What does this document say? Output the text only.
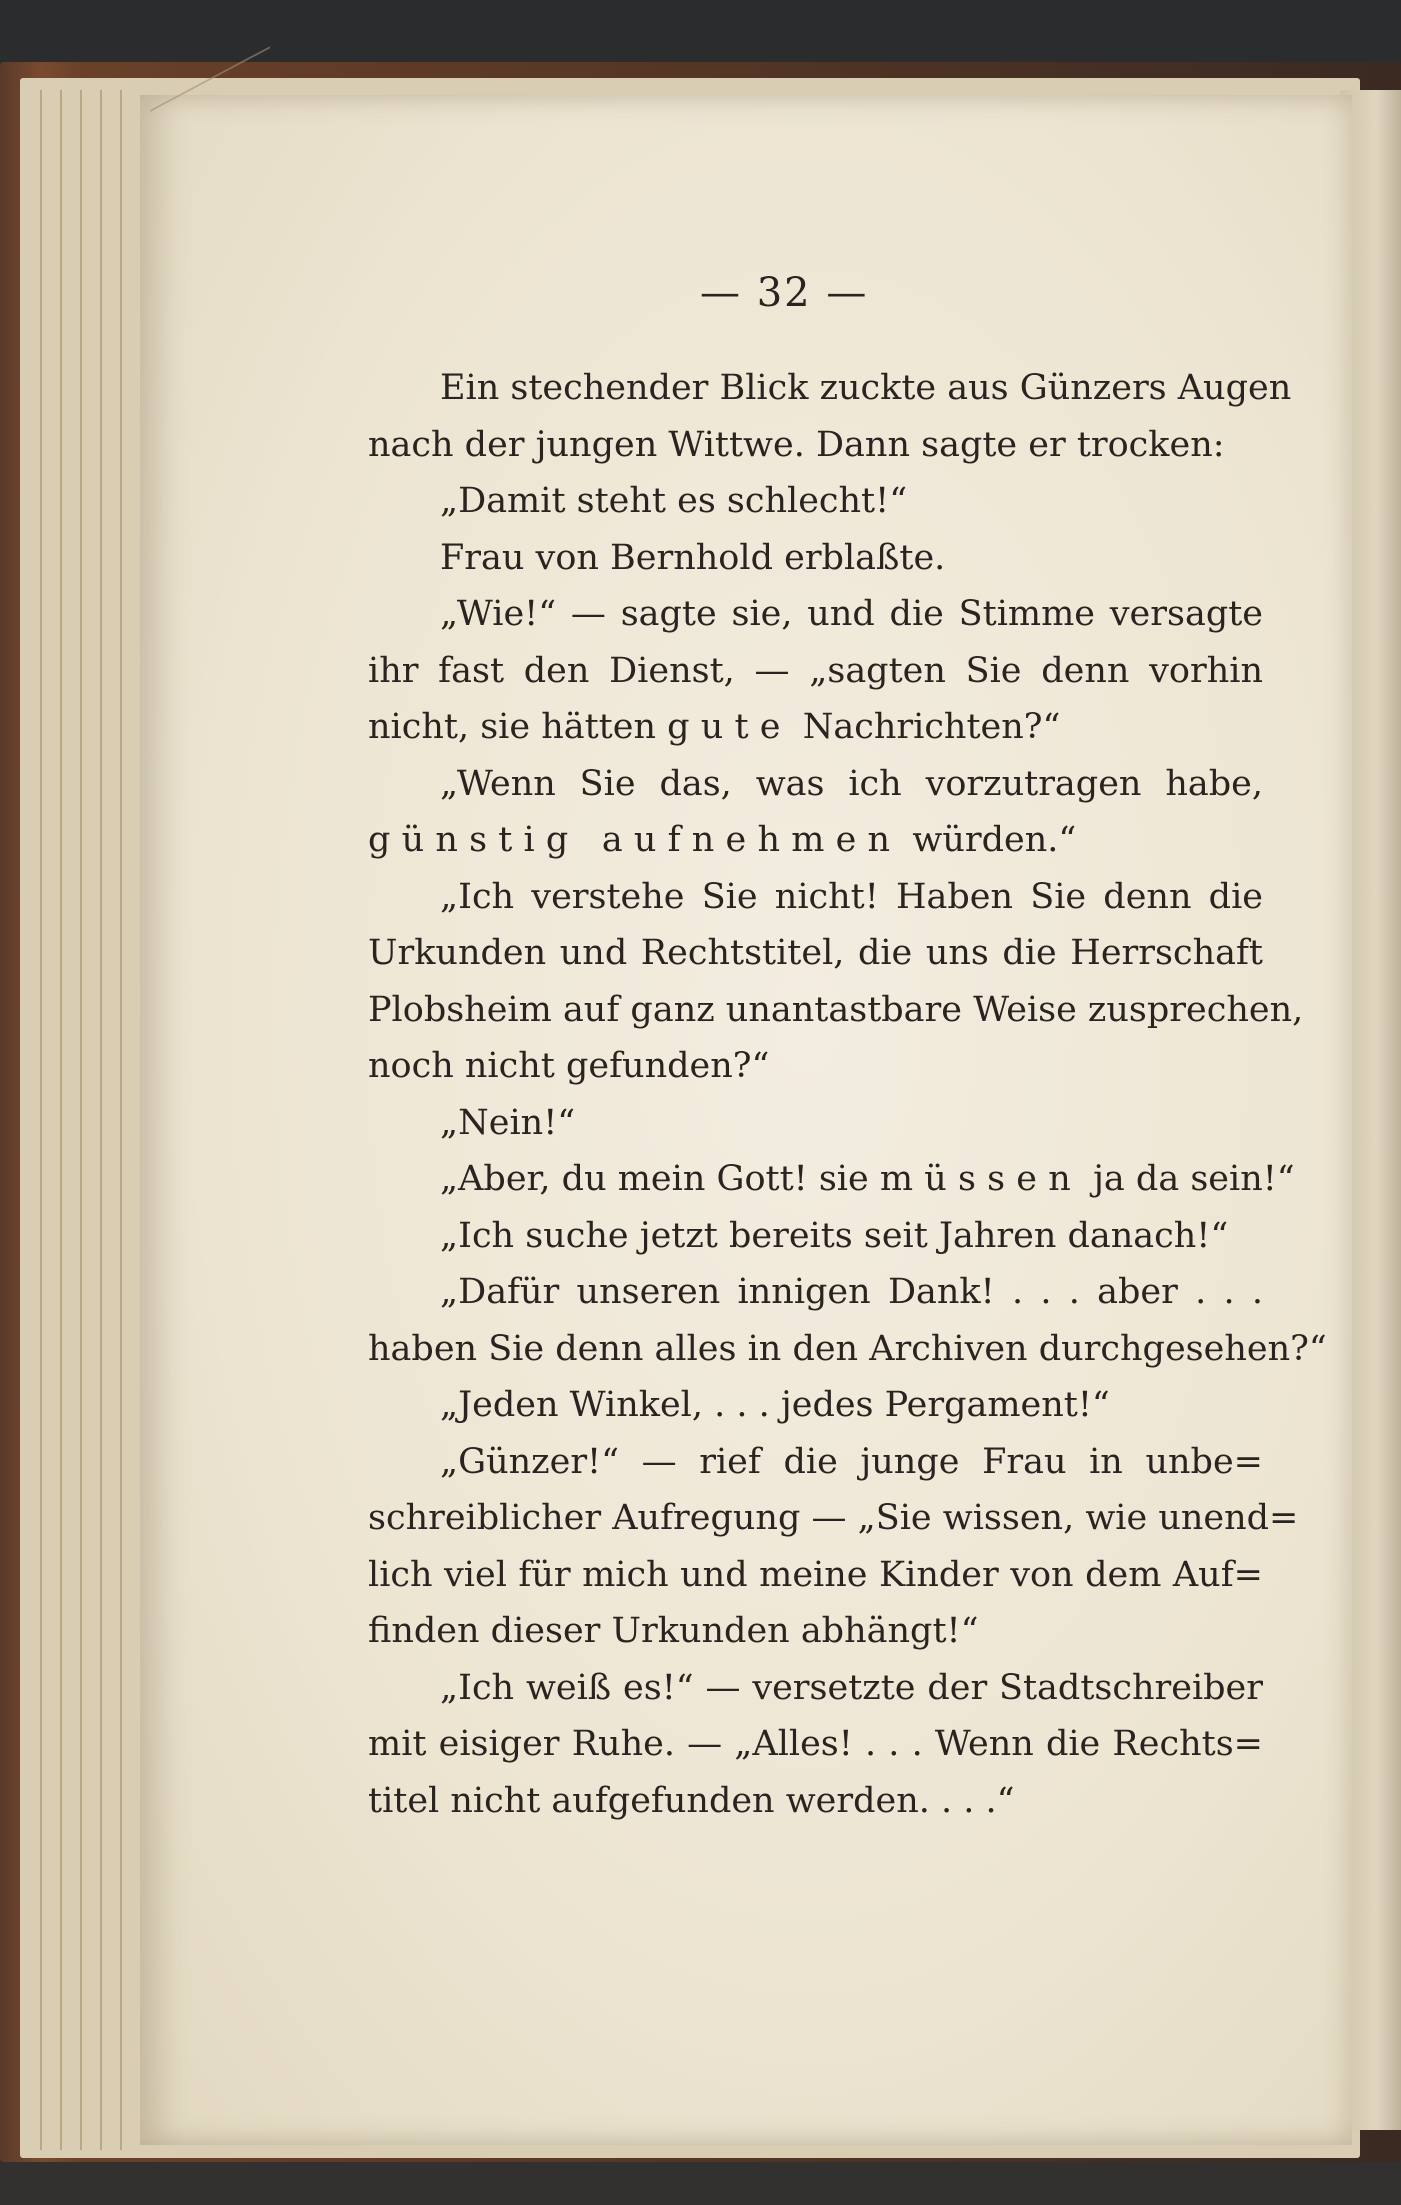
— 32 —
Ein stechender Blick zuckte aus Günzers Augen
nach der jungen Wittwe. Dann sagte er trocken:
„Damit steht es schlecht!“
Frau von Bernhold erblaßte.
„Wie!“ — sagte sie, und die Stimme versagte
ihr fast den Dienst, — „sagten Sie denn vorhin
nicht, sie hätten gute Nachrichten?“
„Wenn Sie das, was ich vorzutragen habe,
günstig aufnehmen würden.“
„Ich verstehe Sie nicht! Haben Sie denn die
Urkunden und Rechtstitel, die uns die Herrschaft
Plobsheim auf ganz unantastbare Weise zusprechen,
noch nicht gefunden?“
„Nein!“
„Aber, du mein Gott! sie müssen ja da sein!“
„Ich suche jetzt bereits seit Jahren danach!“
„Dafür unseren innigen Dank! . . . aber . . .
haben Sie denn alles in den Archiven durchgesehen?“
„Jeden Winkel, . . . jedes Pergament!“
„Günzer!“ — rief die junge Frau in unbe=
schreiblicher Aufregung — „Sie wissen, wie unend=
lich viel für mich und meine Kinder von dem Auf=
finden dieser Urkunden abhängt!“
„Ich weiß es!“ — versetzte der Stadtschreiber
mit eisiger Ruhe. — „Alles! . . . Wenn die Rechts=
titel nicht aufgefunden werden. . . .“
